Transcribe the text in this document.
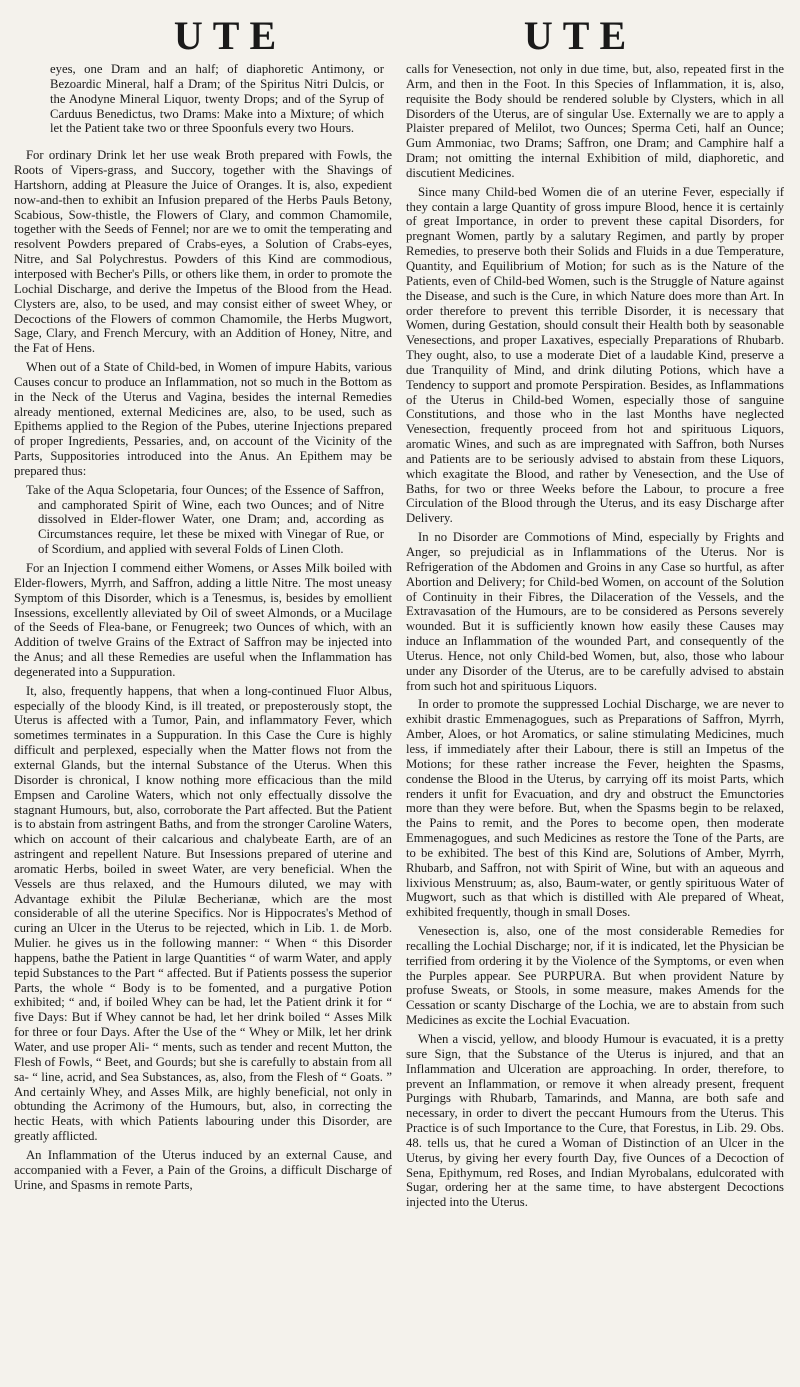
UTE	UTE

eyes, one Dram and an half; of diaphoretic Antimony, or Bezoardic Mineral, half a Dram; of the Spiritus Nitri Dulcis, or the Anodyne Mineral Liquor, twenty Drops; and of the Syrup of Carduus Benedictus, two Drams: Make into a Mixture; of which let the Patient take two or three Spoonfuls every two Hours.

For ordinary Drink let her use weak Broth prepared with Fowls, the Roots of Vipers-grass, and Succory, together with the Shavings of Hartshorn, adding at Pleasure the Juice of Oranges. It is, also, expedient now-and-then to exhibit an Infusion prepared of the Herbs Pauls Betony, Scabious, Sow-thistle, the Flowers of Clary, and common Chamomile, together with the Seeds of Fennel; nor are we to omit the temperating and resolvent Powders prepared of Crabs-eyes, a Solution of Crabs-eyes, Nitre, and Sal Polychrestus. Powders of this Kind are commodious, interposed with Becher's Pills, or others like them, in order to promote the Lochial Discharge, and derive the Impetus of the Blood from the Head. Clysters are, also, to be used, and may consist either of sweet Whey, or Decoctions of the Flowers of common Chamomile, the Herbs Mugwort, Sage, Clary, and French Mercury, with an Addition of Honey, Nitre, and the Fat of Hens.

When out of a State of Child-bed, in Women of impure Habits, various Causes concur to produce an Inflammation, not so much in the Bottom as in the Neck of the Uterus and Vagina, besides the internal Remedies already mentioned, external Medicines are, also, to be used, such as Epithems applied to the Region of the Pubes, uterine Injections prepared of proper Ingredients, Pessaries, and, on account of the Vicinity of the Parts, Suppositories introduced into the Anus. An Epithem may be prepared thus:

Take of the Aqua Sclopetaria, four Ounces; of the Essence of Saffron, and camphorated Spirit of Wine, each two Ounces; and of Nitre dissolved in Elder-flower Water, one Dram; and, according as Circumstances require, let these be mixed with Vinegar of Rue, or of Scordium, and applied with several Folds of Linen Cloth.

For an Injection I commend either Womens, or Asses Milk boiled with Elder-flowers, Myrrh, and Saffron, adding a little Nitre. The most uneasy Symptom of this Disorder, which is a Tenesmus, is, besides by emollient Insessions, excellently alleviated by Oil of sweet Almonds, or a Mucilage of the Seeds of Flea-bane, or Fenugreek; two Ounces of which, with an Addition of twelve Grains of the Extract of Saffron may be injected into the Anus; and all these Remedies are useful when the Inflammation has degenerated into a Suppuration.

It, also, frequently happens, that when a long-continued Fluor Albus, especially of the bloody Kind, is ill treated, or preposterously stopt, the Uterus is affected with a Tumor, Pain, and inflammatory Fever, which sometimes terminates in a Suppuration. In this Case the Cure is highly difficult and perplexed, especially when the Matter flows not from the external Glands, but the internal Substance of the Uterus. When this Disorder is chronical, I know nothing more efficacious than the mild Empsen and Caroline Waters, which not only effectually dissolve the stagnant Humours, but, also, corroborate the Part affected. But the Patient is to abstain from astringent Baths, and from the stronger Caroline Waters, which on account of their calcarious and chalybeate Earth, are of an astringent and repellent Nature. But Insessions prepared of uterine and aromatic Herbs, boiled in sweet Water, are very beneficial. When the Vessels are thus relaxed, and the Humours diluted, we may with Advantage exhibit the Pilulæ Becherianæ, which are the most considerable of all the uterine Specifics. Nor is Hippocrates's Method of curing an Ulcer in the Uterus to be rejected, which in Lib. 1. de Morb. Mulier. he gives us in the following manner: “ When “ this Disorder happens, bathe the Patient in large Quantities “ of warm Water, and apply tepid Substances to the Part “ affected. But if Patients possess the superior Parts, the whole “ Body is to be fomented, and a purgative Potion exhibited; “ and, if boiled Whey can be had, let the Patient drink it for “ five Days: But if Whey cannot be had, let her drink boiled “ Asses Milk for three or four Days. After the Use of the “ Whey or Milk, let her drink Water, and use proper Ali- “ ments, such as tender and recent Mutton, the Flesh of Fowls, “ Beet, and Gourds; but she is carefully to abstain from all sa- “ line, acrid, and Sea Substances, as, also, from the Flesh of “ Goats. ” And certainly Whey, and Asses Milk, are highly beneficial, not only in obtunding the Acrimony of the Humours, but, also, in correcting the hectic Heats, with which Patients labouring under this Disorder, are greatly afflicted.

An Inflammation of the Uterus induced by an external Cause, and accompanied with a Fever, a Pain of the Groins, a difficult Discharge of Urine, and Spasms in remote Parts,

calls for Venesection, not only in due time, but, also, repeated first in the Arm, and then in the Foot. In this Species of Inflammation, it is, also, requisite the Body should be rendered soluble by Clysters, which in all Disorders of the Uterus, are of singular Use. Externally we are to apply a Plaister prepared of Melilot, two Ounces; Sperma Ceti, half an Ounce; Gum Ammoniac, two Drams; Saffron, one Dram; and Camphire half a Dram; not omitting the internal Exhibition of mild, diaphoretic, and discutient Medicines.

Since many Child-bed Women die of an uterine Fever, especially if they contain a large Quantity of gross impure Blood, hence it is certainly of great Importance, in order to prevent these capital Disorders, for pregnant Women, partly by a salutary Regimen, and partly by proper Remedies, to preserve both their Solids and Fluids in a due Temperature, Quantity, and Equilibrium of Motion; for such as is the Nature of the Patients, even of Child-bed Women, such is the Struggle of Nature against the Disease, and such is the Cure, in which Nature does more than Art. In order therefore to prevent this terrible Disorder, it is necessary that Women, during Gestation, should consult their Health both by seasonable Venesections, and proper Laxatives, especially Preparations of Rhubarb. They ought, also, to use a moderate Diet of a laudable Kind, preserve a due Tranquility of Mind, and drink diluting Potions, which have a Tendency to support and promote Perspiration. Besides, as Inflammations of the Uterus in Child-bed Women, especially those of sanguine Constitutions, and those who in the last Months have neglected Venesection, frequently proceed from hot and spirituous Liquors, aromatic Wines, and such as are impregnated with Saffron, both Nurses and Patients are to be seriously advised to abstain from these Liquors, which exagitate the Blood, and rather by Venesection, and the Use of Baths, for two or three Weeks before the Labour, to procure a free Circulation of the Blood through the Uterus, and its easy Discharge after Delivery.

In no Disorder are Commotions of Mind, especially by Frights and Anger, so prejudicial as in Inflammations of the Uterus. Nor is Refrigeration of the Abdomen and Groins in any Case so hurtful, as after Abortion and Delivery; for Child-bed Women, on account of the Solution of Continuity in their Fibres, the Dilaceration of the Vessels, and the Extravasation of the Humours, are to be considered as Persons severely wounded. But it is sufficiently known how easily these Causes may induce an Inflammation of the wounded Part, and consequently of the Uterus. Hence, not only Child-bed Women, but, also, those who labour under any Disorder of the Uterus, are to be carefully advised to abstain from such hot and spirituous Liquors.

In order to promote the suppressed Lochial Discharge, we are never to exhibit drastic Emmenagogues, such as Preparations of Saffron, Myrrh, Amber, Aloes, or hot Aromatics, or saline stimulating Medicines, much less, if immediately after their Labour, there is still an Impetus of the Motions; for these rather increase the Fever, heighten the Spasms, condense the Blood in the Uterus, by carrying off its moist Parts, which renders it unfit for Evacuation, and dry and obstruct the Emunctories more than they were before. But, when the Spasms begin to be relaxed, the Pains to remit, and the Pores to become open, then moderate Emmenagogues, and such Medicines as restore the Tone of the Parts, are to be exhibited. The best of this Kind are, Solutions of Amber, Myrrh, Rhubarb, and Saffron, not with Spirit of Wine, but with an aqueous and lixivious Menstruum; as, also, Baum-water, or gently spirituous Water of Mugwort, such as that which is distilled with Ale prepared of Wheat, exhibited frequently, though in small Doses.

Venesection is, also, one of the most considerable Remedies for recalling the Lochial Discharge; nor, if it is indicated, let the Physician be terrified from ordering it by the Violence of the Symptoms, or even when the Purples appear. See PURPURA. But when provident Nature by profuse Sweats, or Stools, in some measure, makes Amends for the Cessation or scanty Discharge of the Lochia, we are to abstain from such Medicines as excite the Lochial Evacuation.

When a viscid, yellow, and bloody Humour is evacuated, it is a pretty sure Sign, that the Substance of the Uterus is injured, and that an Inflammation and Ulceration are approaching. In order, therefore, to prevent an Inflammation, or remove it when already present, frequent Purgings with Rhubarb, Tamarinds, and Manna, are both safe and necessary, in order to divert the peccant Humours from the Uterus. This Practice is of such Importance to the Cure, that Forestus, in Lib. 29. Obs. 48. tells us, that he cured a Woman of Distinction of an Ulcer in the Uterus, by giving her every fourth Day, five Ounces of a Decoction of Sena, Epithymum, red Roses, and Indian Myrobalans, edulcorated with Sugar, ordering her at the same time, to have abstergent Decoctions injected into the Uterus.
